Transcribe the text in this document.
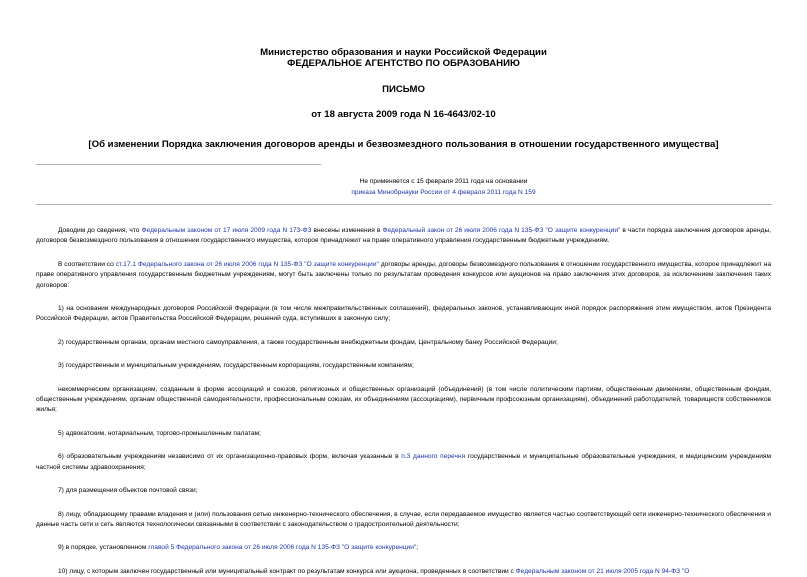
Министерство образования и науки Российской Федерации
ФЕДЕРАЛЬНОЕ АГЕНТСТВО ПО ОБРАЗОВАНИЮ
ПИСЬМО
от 18 августа 2009 года N 16-4643/02-10
[Об изменении Порядка заключения договоров аренды и безвозмездного пользования в отношении государственного имущества]
Не применяется с 15 февраля 2011 года на основании
приказа Минобрнауки России от 4 февраля 2011 года N 159
Доводим до сведения, что Федеральным законом от 17 июля 2009 года N 173-ФЗ внесены изменения в Федеральный закон от 26 июля 2006 года N 135-ФЗ "О защите конкуренции" в части порядка заключения договоров аренды, договоров безвозмездного пользования в отношении государственного имущества, которое принадлежит на праве оперативного управления государственным бюджетным учреждениям.
В соответствии со ст.17.1 Федерального закона от 26 июля 2006 года N 135-ФЗ "О защите конкуренции" договоры аренды, договоры безвозмездного пользования в отношении государственного имущества, которое принадлежит на праве оперативного управления государственным бюджетным учреждениям, могут быть заключены только по результатам проведения конкурсов или аукционов на право заключения этих договоров, за исключением заключения таких договоров:
1) на основании международных договоров Российской Федерации (в том числе межправительственных соглашений), федеральных законов, устанавливающих иной порядок распоряжения этим имуществом, актов Президента Российской Федерации, актов Правительства Российской Федерации, решений суда, вступивших в законную силу;
2) государственным органам, органам местного самоуправления, а также государственным внебюджетным фондам, Центральному банку Российской Федерации;
3) государственным и муниципальным учреждениям, государственным корпорациям, государственным компаниям;
некоммерческим организациям, созданным в форме ассоциаций и союзов, религиозных и общественных организаций (объединений) (в том числе политическим партиям, общественным движениям, общественным фондам, общественным учреждениям, органам общественной самодеятельности, профессиональным союзам, их объединениям (ассоциациям), первичным профсоюзным организациям), объединений работодателей, товариществ собственников жилья;
5) адвокатским, нотариальным, торгово-промышленным палатам;
6) образовательным учреждениям независимо от их организационно-правовых форм, включая указанные в п.3 данного перечня государственные и муниципальные образовательные учреждения, и медицинским учреждениям частной системы здравоохранения;
7) для размещения объектов почтовой связи;
8) лицу, обладающему правами владения и (или) пользования сетью инженерно-технического обеспечения, в случае, если передаваемое имущество является частью соответствующей сети инженерно-технического обеспечения и данные часть сети и сеть являются технологически связанными в соответствии с законодательством о градостроительной деятельности;
9) в порядке, установленном главой 5 Федерального закона от 26 июля 2006 года N 135-ФЗ "О защите конкуренции";
10) лицу, с которым заключен государственный или муниципальный контракт по результатам конкурса или аукциона, проведенных в соответствии с Федеральным законом от 21 июля 2005 года N 94-ФЗ "О
